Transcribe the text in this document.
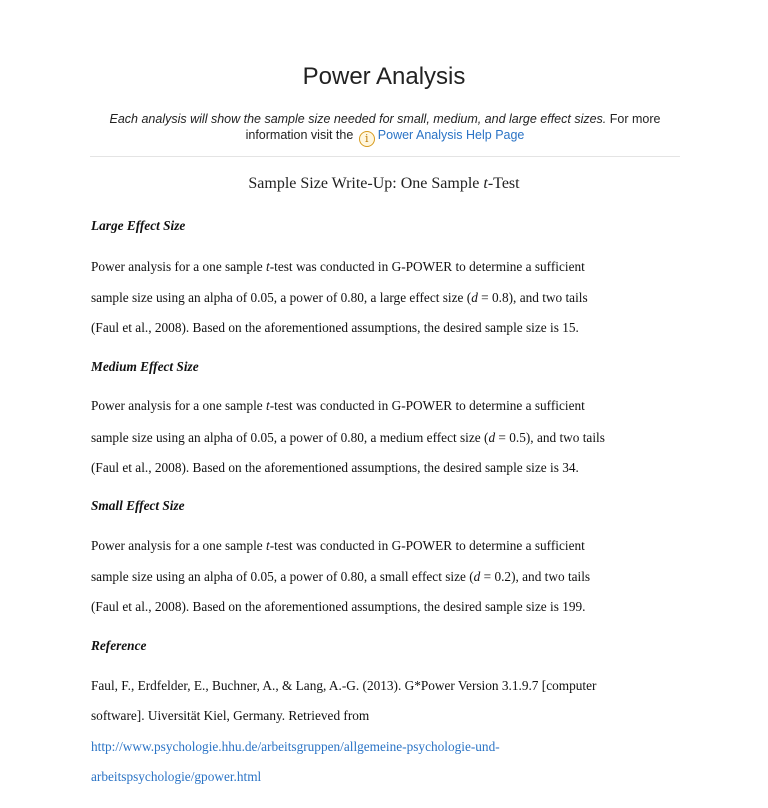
Power Analysis
Each analysis will show the sample size needed for small, medium, and large effect sizes. For more information visit the i Power Analysis Help Page
Sample Size Write-Up: One Sample t-Test
Large Effect Size
Power analysis for a one sample t-test was conducted in G-POWER to determine a sufficient
sample size using an alpha of 0.05, a power of 0.80, a large effect size (d = 0.8), and two tails
(Faul et al., 2008). Based on the aforementioned assumptions, the desired sample size is 15.
Medium Effect Size
Power analysis for a one sample t-test was conducted in G-POWER to determine a sufficient
sample size using an alpha of 0.05, a power of 0.80, a medium effect size (d = 0.5), and two tails
(Faul et al., 2008). Based on the aforementioned assumptions, the desired sample size is 34.
Small Effect Size
Power analysis for a one sample t-test was conducted in G-POWER to determine a sufficient
sample size using an alpha of 0.05, a power of 0.80, a small effect size (d = 0.2), and two tails
(Faul et al., 2008). Based on the aforementioned assumptions, the desired sample size is 199.
Reference
Faul, F., Erdfelder, E., Buchner, A., & Lang, A.-G. (2013). G*Power Version 3.1.9.7 [computer
software]. Uiversität Kiel, Germany. Retrieved from
http://www.psychologie.hhu.de/arbeitsgruppen/allgemeine-psychologie-und-
arbeitspsychologie/gpower.html
